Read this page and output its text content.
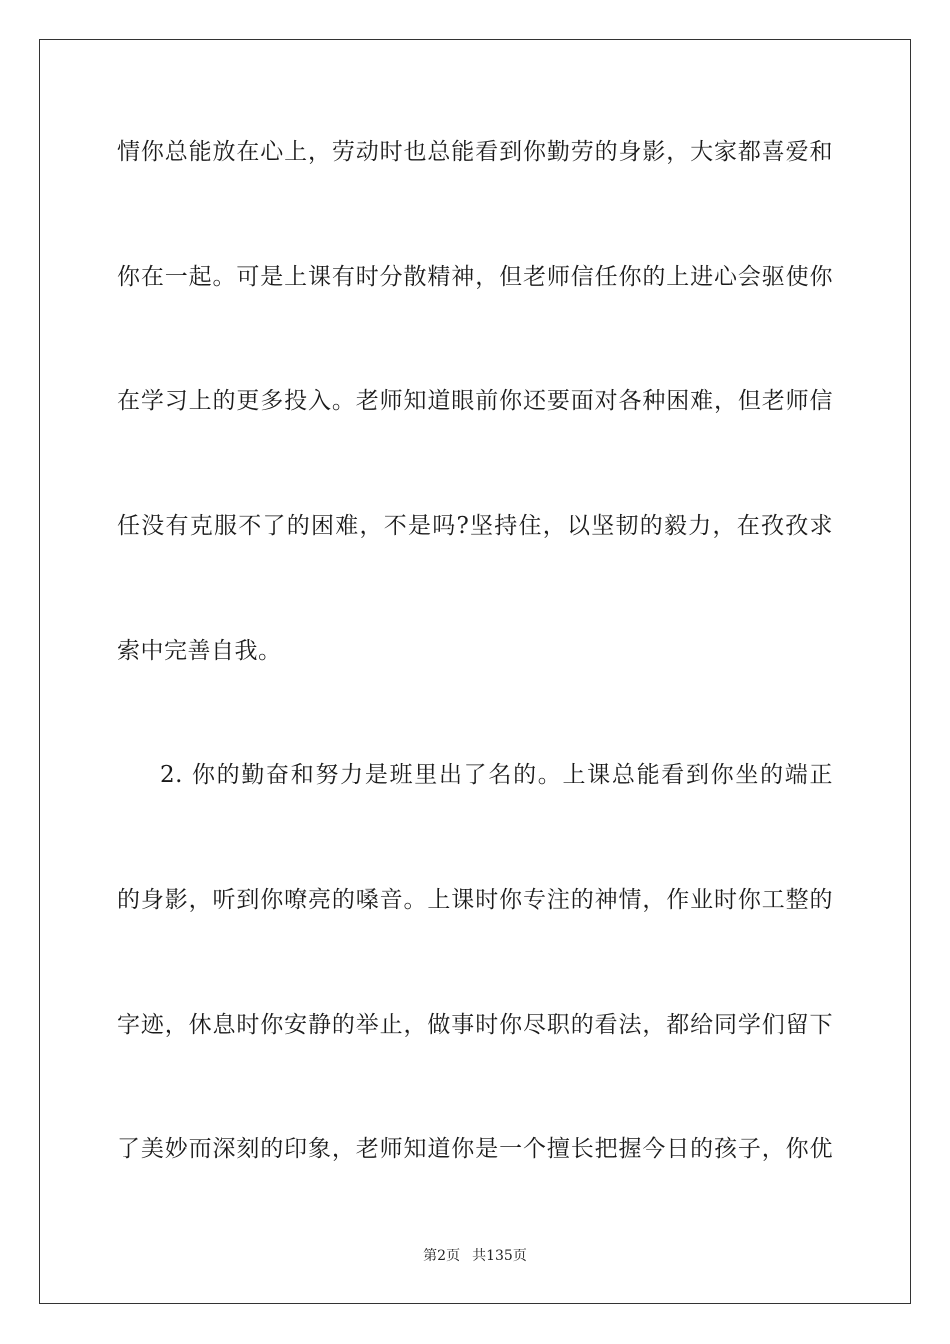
情你总能放在心上，劳动时也总能看到你勤劳的身影，大家都喜爱和
你在一起。可是上课有时分散精神，但老师信任你的上进心会驱使你
在学习上的更多投入。老师知道眼前你还要面对各种困难，但老师信
任没有克服不了的困难，不是吗?坚持住，以坚韧的毅力，在孜孜求
索中完善自我。
2. 你的勤奋和努力是班里出了名的。上课总能看到你坐的端正
的身影，听到你嘹亮的嗓音。上课时你专注的神情，作业时你工整的
字迹，休息时你安静的举止，做事时你尽职的看法，都给同学们留下
了美妙而深刻的印象，老师知道你是一个擅长把握今日的孩子，你优
第2页 共135页
